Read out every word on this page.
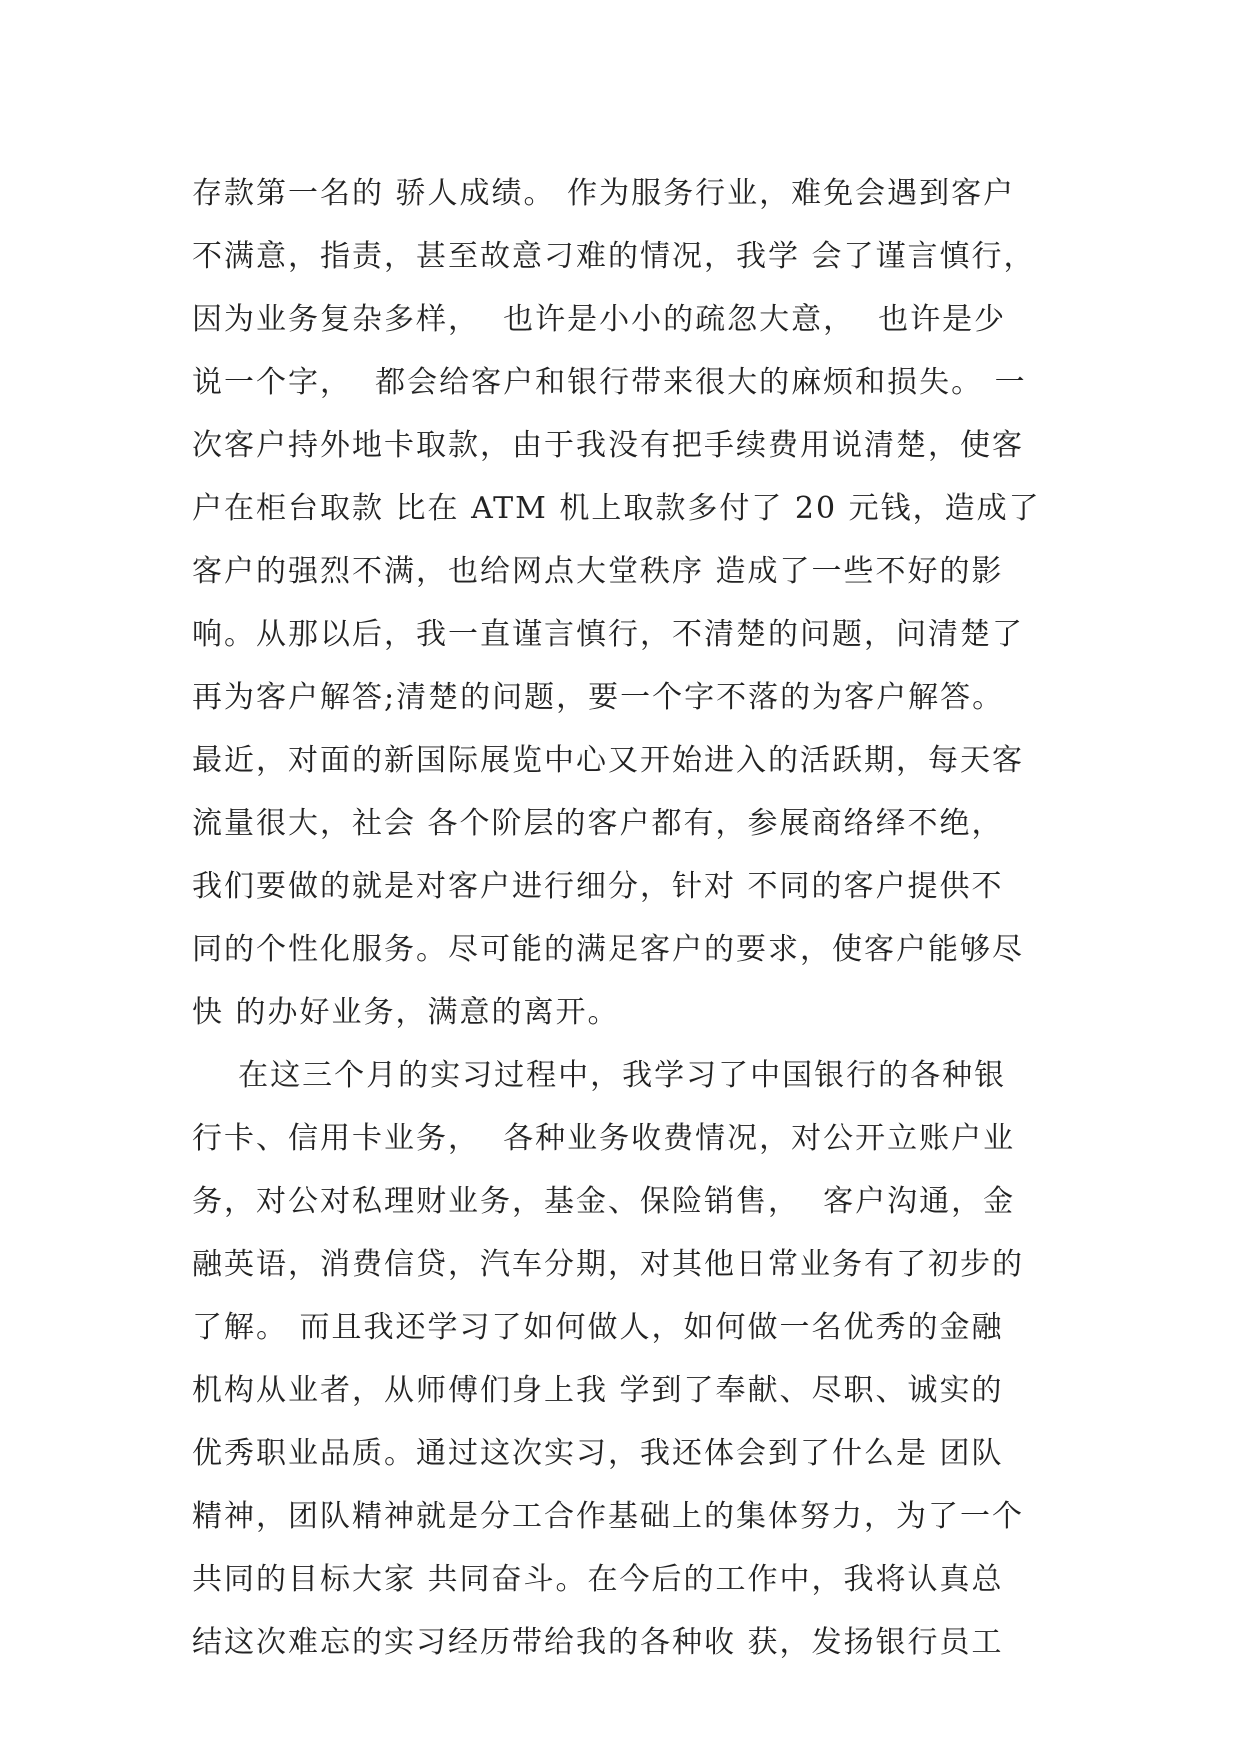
存款第一名的 骄人成绩。 作为服务行业，难免会遇到客户
不满意，指责，甚至故意刁难的情况，我学 会了谨言慎行，
因为业务复杂多样，  也许是小小的疏忽大意，  也许是少
说一个字，  都会给客户和银行带来很大的麻烦和损失。 一
次客户持外地卡取款，由于我没有把手续费用说清楚，使客
户在柜台取款 比在 ATM 机上取款多付了 20 元钱，造成了
客户的强烈不满，也给网点大堂秩序 造成了一些不好的影
响。从那以后，我一直谨言慎行，不清楚的问题，问清楚了
再为客户解答;清楚的问题，要一个字不落的为客户解答。
最近，对面的新国际展览中心又开始进入的活跃期，每天客
流量很大，社会 各个阶层的客户都有，参展商络绎不绝，
我们要做的就是对客户进行细分，针对 不同的客户提供不
同的个性化服务。尽可能的满足客户的要求，使客户能够尽
快 的办好业务，满意的离开。
在这三个月的实习过程中，我学习了中国银行的各种银
行卡、信用卡业务，  各种业务收费情况，对公开立账户业
务，对公对私理财业务，基金、保险销售，  客户沟通，金
融英语，消费信贷，汽车分期，对其他日常业务有了初步的
了解。 而且我还学习了如何做人，如何做一名优秀的金融
机构从业者，从师傅们身上我 学到了奉献、尽职、诚实的
优秀职业品质。通过这次实习，我还体会到了什么是 团队
精神，团队精神就是分工合作基础上的集体努力，为了一个
共同的目标大家 共同奋斗。在今后的工作中，我将认真总
结这次难忘的实习经历带给我的各种收 获，发扬银行员工
